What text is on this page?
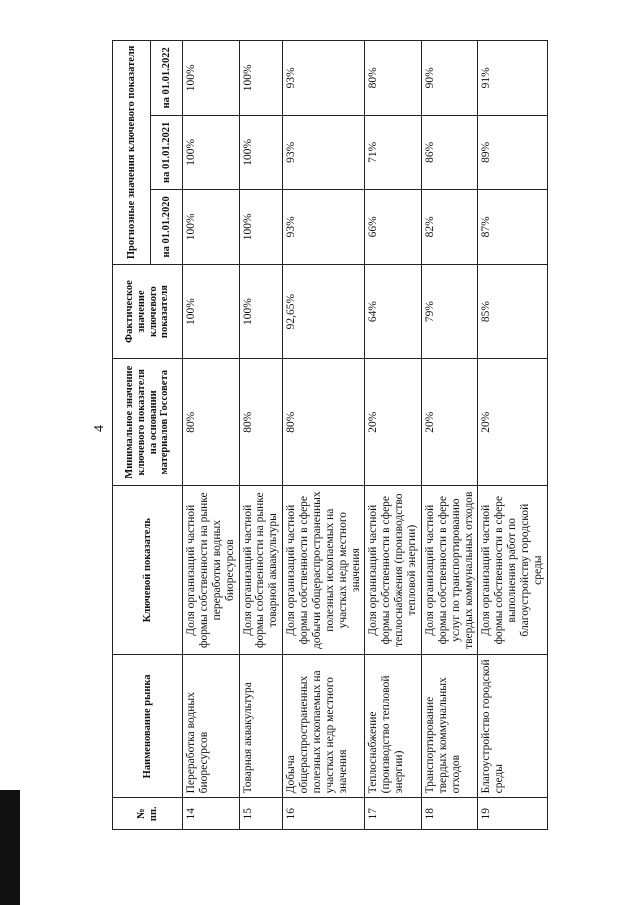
4
№ пп.	Наименование рынка	Ключевой показатель	Минимальное значение ключевого показателя на основании материалов Госсовета	Фактическое значение ключевого показателя	Прогнозные значения ключевого показателя		
					на 01.01.2020	на 01.01.2021	на 01.01.2022
14	Переработка водных биоресурсов	Доля организаций частной формы собственности на рынке переработки водных биоресурсов	80%	100%	100%	100%	100%
15	Товарная аквакультура	Доля организаций частной формы собственности на рынке товарной аквакультуры	80%	100%	100%	100%	100%
16	Добыча общераспространенных полезных ископаемых на участках недр местного значения	Доля организаций частной формы собственности в сфере добычи общераспространенных полезных ископаемых на участках недр местного значения	80%	92,65%	93%	93%	93%
17	Теплоснабжение (производство тепловой энергии)	Доля организаций частной формы собственности в сфере теплоснабжения (производство тепловой энергии)	20%	64%	66%	71%	80%
18	Транспортирование твердых коммунальных отходов	Доля организаций частной формы собственности в сфере услуг по транспортированию твердых коммунальных отходов	20%	79%	82%	86%	90%
19	Благоустройство городской среды	Доля организаций частной формы собственности в сфере выполнения работ по благоустройству городской среды	20%	85%	87%	89%	91%
